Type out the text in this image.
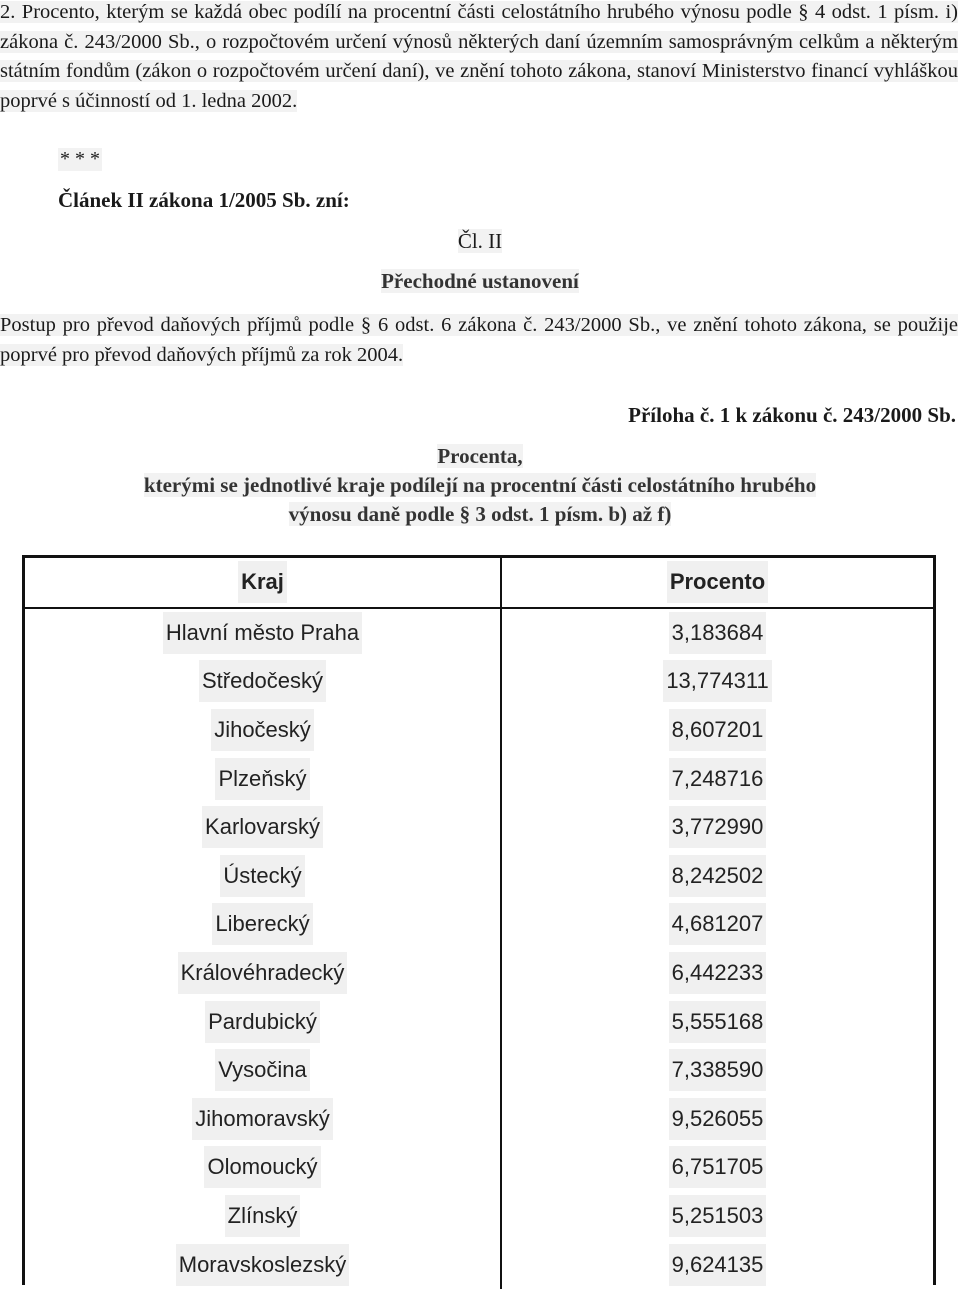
2. Procento, kterým se každá obec podílí na procentní části celostátního hrubého výnosu podle § 4 odst. 1 písm. i) zákona č. 243/2000 Sb., o rozpočtovém určení výnosů některých daní územním samosprávným celkům a některým státním fondům (zákon o rozpočtovém určení daní), ve znění tohoto zákona, stanoví Ministerstvo financí vyhláškou poprvé s účinností od 1. ledna 2002.
* * *
Článek II zákona 1/2005 Sb. zní:
Čl. II
Přechodné ustanovení
Postup pro převod daňových příjmů podle § 6 odst. 6 zákona č. 243/2000 Sb., ve znění tohoto zákona, se použije poprvé pro převod daňových příjmů za rok 2004.
Příloha č. 1 k zákonu č. 243/2000 Sb.
Procenta,
kterými se jednotlivé kraje podílejí na procentní části celostátního hrubého
výnosu daně podle § 3 odst. 1 písm. b) až f)
Kraj	Procento
Hlavní město Praha	3,183684
Středočeský	13,774311
Jihočeský	8,607201
Plzeňský	7,248716
Karlovarský	3,772990
Ústecký	8,242502
Liberecký	4,681207
Královéhradecký	6,442233
Pardubický	5,555168
Vysočina	7,338590
Jihomoravský	9,526055
Olomoucký	6,751705
Zlínský	5,251503
Moravskoslezský	9,624135
